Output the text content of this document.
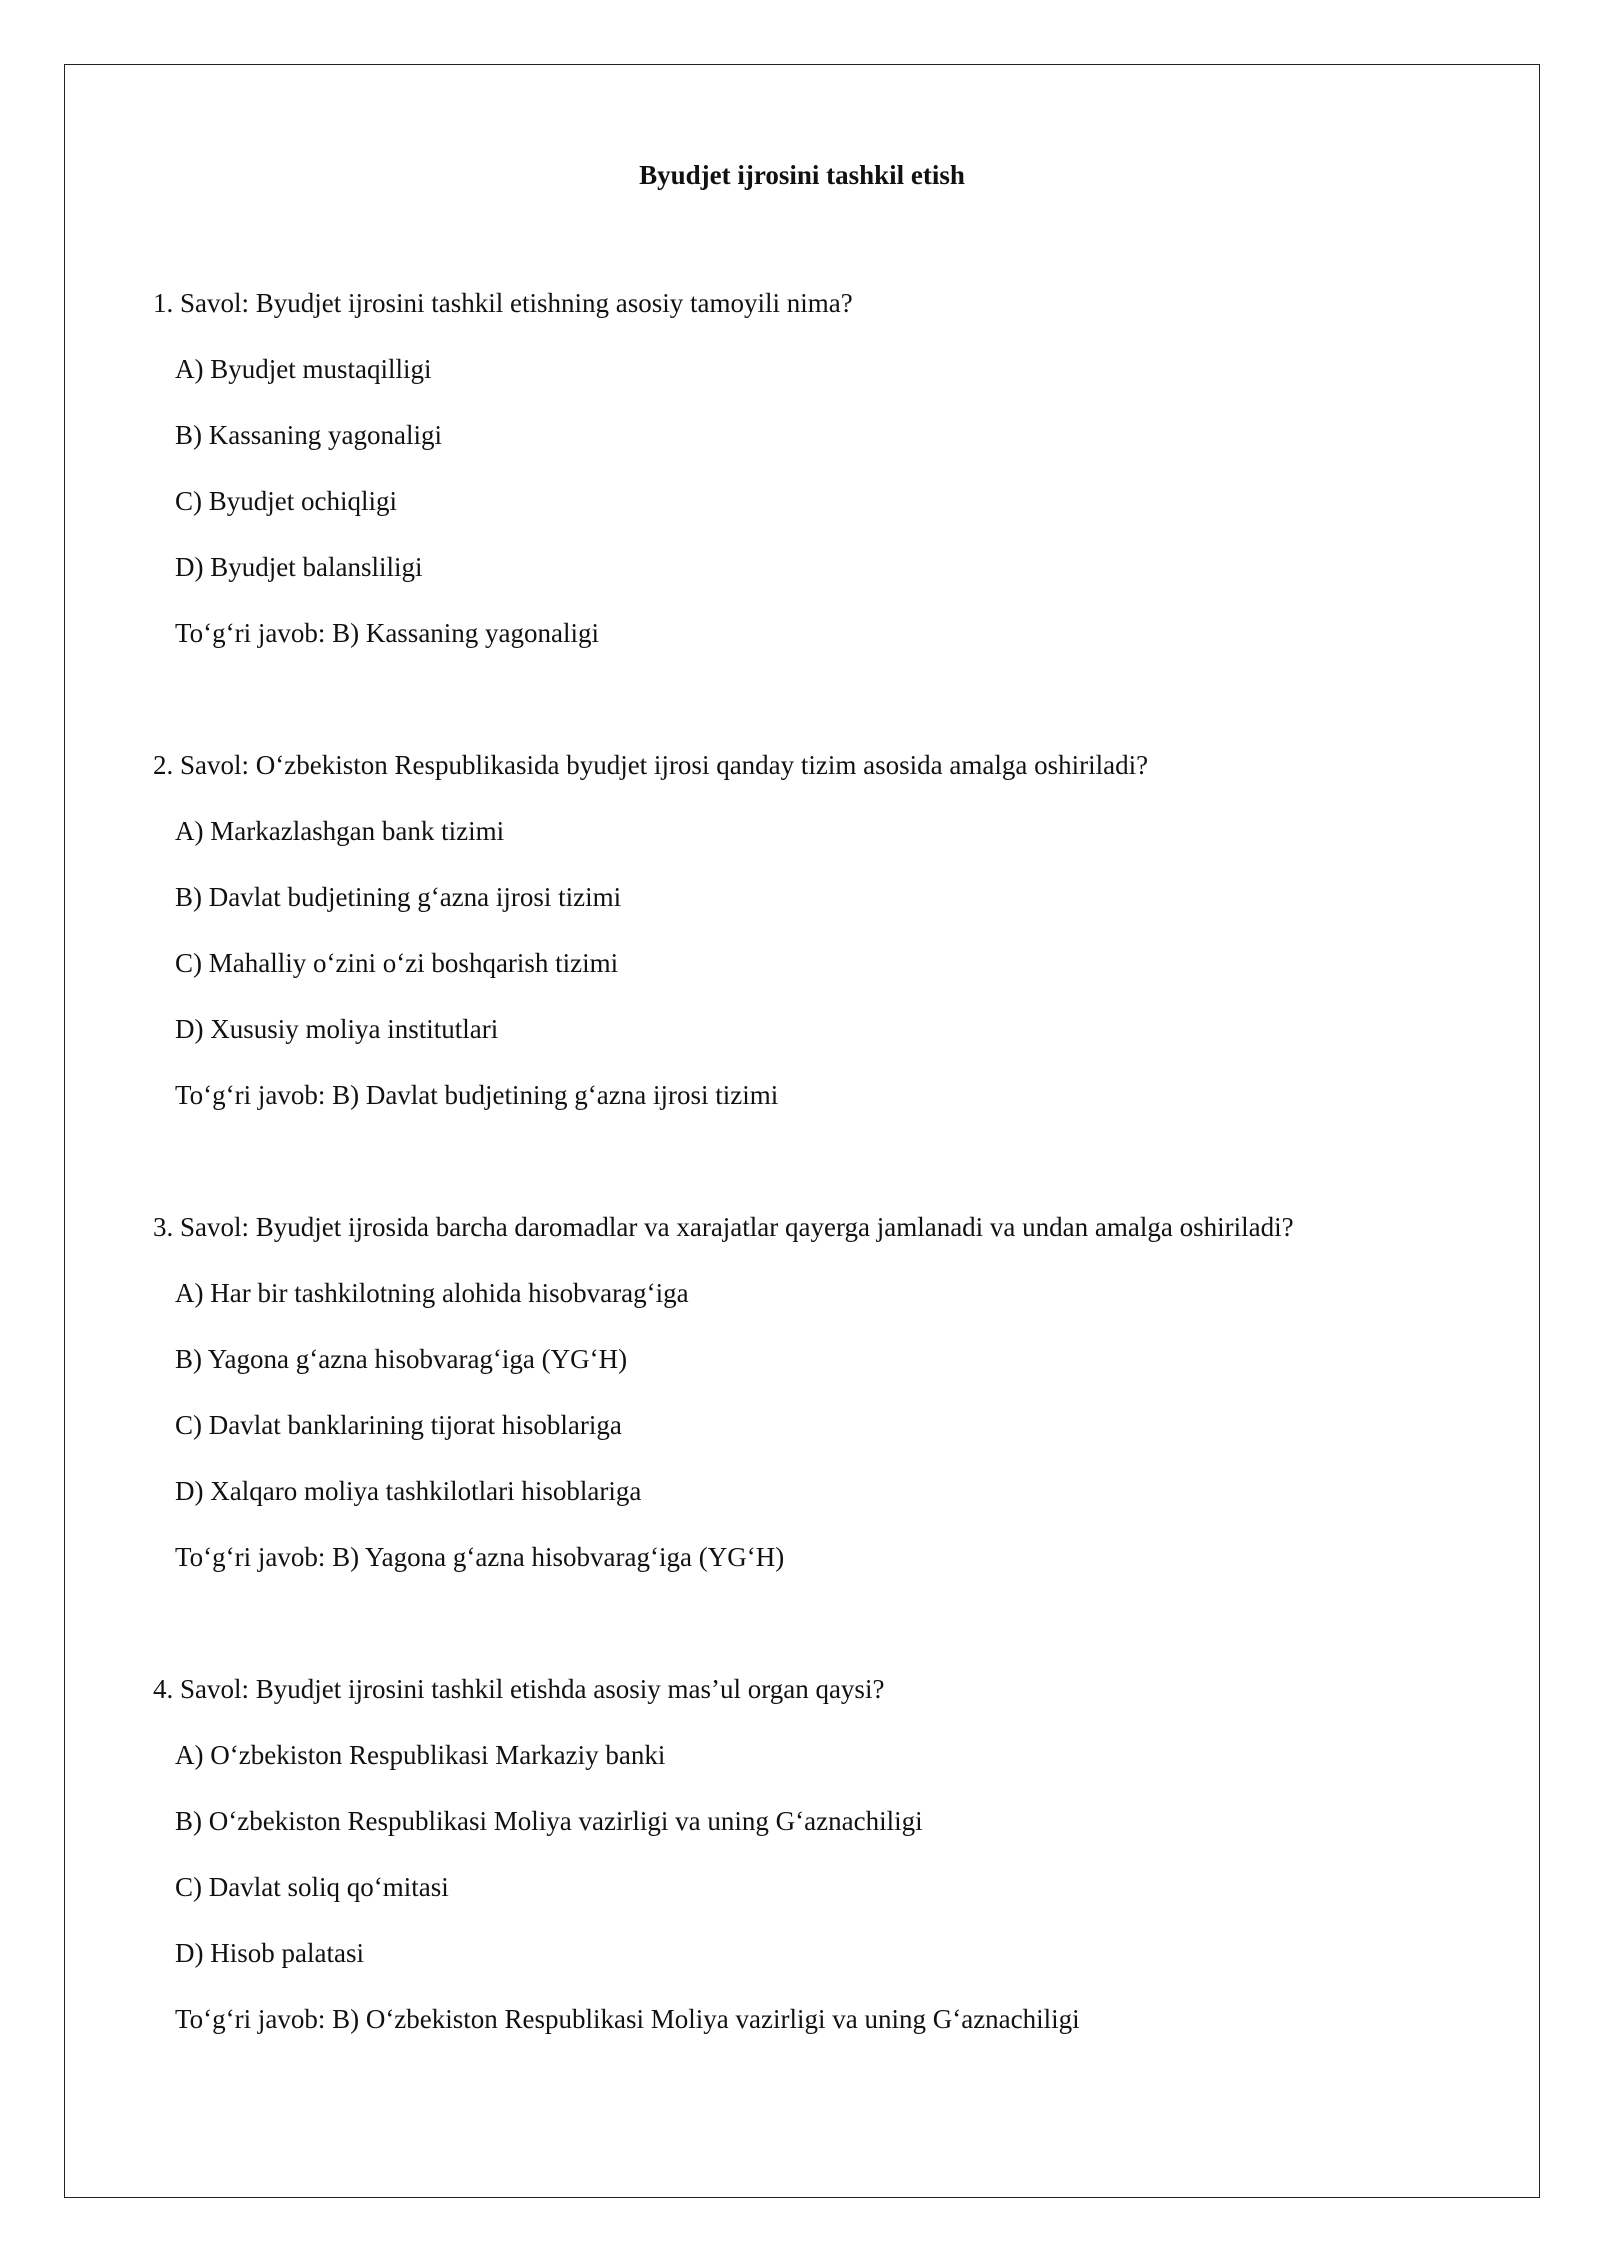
Byudjet ijrosini tashkil etish
1. Savol: Byudjet ijrosini tashkil etishning asosiy tamoyili nima?
A) Byudjet mustaqilligi
B) Kassaning yagonaligi
C) Byudjet ochiqligi
D) Byudjet balansliligi
To‘g‘ri javob: B) Kassaning yagonaligi
2. Savol: O‘zbekiston Respublikasida byudjet ijrosi qanday tizim asosida amalga oshiriladi?
A) Markazlashgan bank tizimi
B) Davlat budjetining g‘azna ijrosi tizimi
C) Mahalliy o‘zini o‘zi boshqarish tizimi
D) Xususiy moliya institutlari
To‘g‘ri javob: B) Davlat budjetining g‘azna ijrosi tizimi
3. Savol: Byudjet ijrosida barcha daromadlar va xarajatlar qayerga jamlanadi va undan amalga oshiriladi?
A) Har bir tashkilotning alohida hisobvarag‘iga
B) Yagona g‘azna hisobvarag‘iga (YG‘H)
C) Davlat banklarining tijorat hisoblariga
D) Xalqaro moliya tashkilotlari hisoblariga
To‘g‘ri javob: B) Yagona g‘azna hisobvarag‘iga (YG‘H)
4. Savol: Byudjet ijrosini tashkil etishda asosiy mas’ul organ qaysi?
A) O‘zbekiston Respublikasi Markaziy banki
B) O‘zbekiston Respublikasi Moliya vazirligi va uning G‘aznachiligi
C) Davlat soliq qo‘mitasi
D) Hisob palatasi
To‘g‘ri javob: B) O‘zbekiston Respublikasi Moliya vazirligi va uning G‘aznachiligi
